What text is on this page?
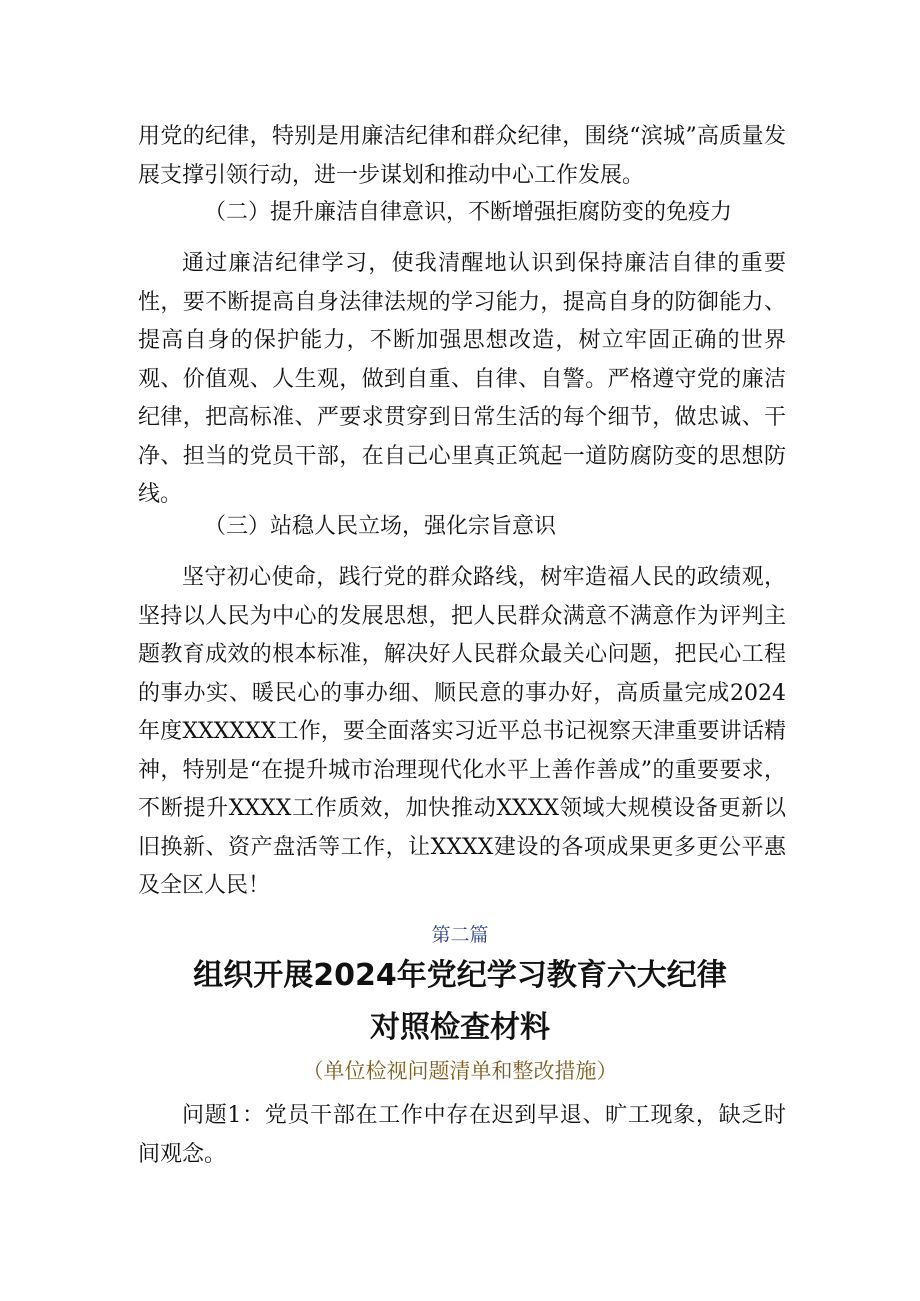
用党的纪律，特别是用廉洁纪律和群众纪律，围绕“滨城”高质量发展支撑引领行动，进一步谋划和推动中心工作发展。

（二）提升廉洁自律意识，不断增强拒腐防变的免疫力

通过廉洁纪律学习，使我清醒地认识到保持廉洁自律的重要性，要不断提高自身法律法规的学习能力，提高自身的防御能力、提高自身的保护能力，不断加强思想改造，树立牢固正确的世界观、价值观、人生观，做到自重、自律、自警。严格遵守党的廉洁纪律，把高标准、严要求贯穿到日常生活的每个细节，做忠诚、干净、担当的党员干部，在自己心里真正筑起一道防腐防变的思想防线。

（三）站稳人民立场，强化宗旨意识

坚守初心使命，践行党的群众路线，树牢造福人民的政绩观，坚持以人民为中心的发展思想，把人民群众满意不满意作为评判主题教育成效的根本标准，解决好人民群众最关心问题，把民心工程的事办实、暖民心的事办细、顺民意的事办好，高质量完成2024年度XXXXXX工作，要全面落实习近平总书记视察天津重要讲话精神，特别是“在提升城市治理现代化水平上善作善成”的重要要求，不断提升XXXX工作质效，加快推动XXXX领域大规模设备更新以旧换新、资产盘活等工作，让XXXX建设的各项成果更多更公平惠及全区人民！

第二篇

组织开展2024年党纪学习教育六大纪律对照检查材料

（单位检视问题清单和整改措施）

问题1：党员干部在工作中存在迟到早退、旷工现象，缺乏时间观念。
